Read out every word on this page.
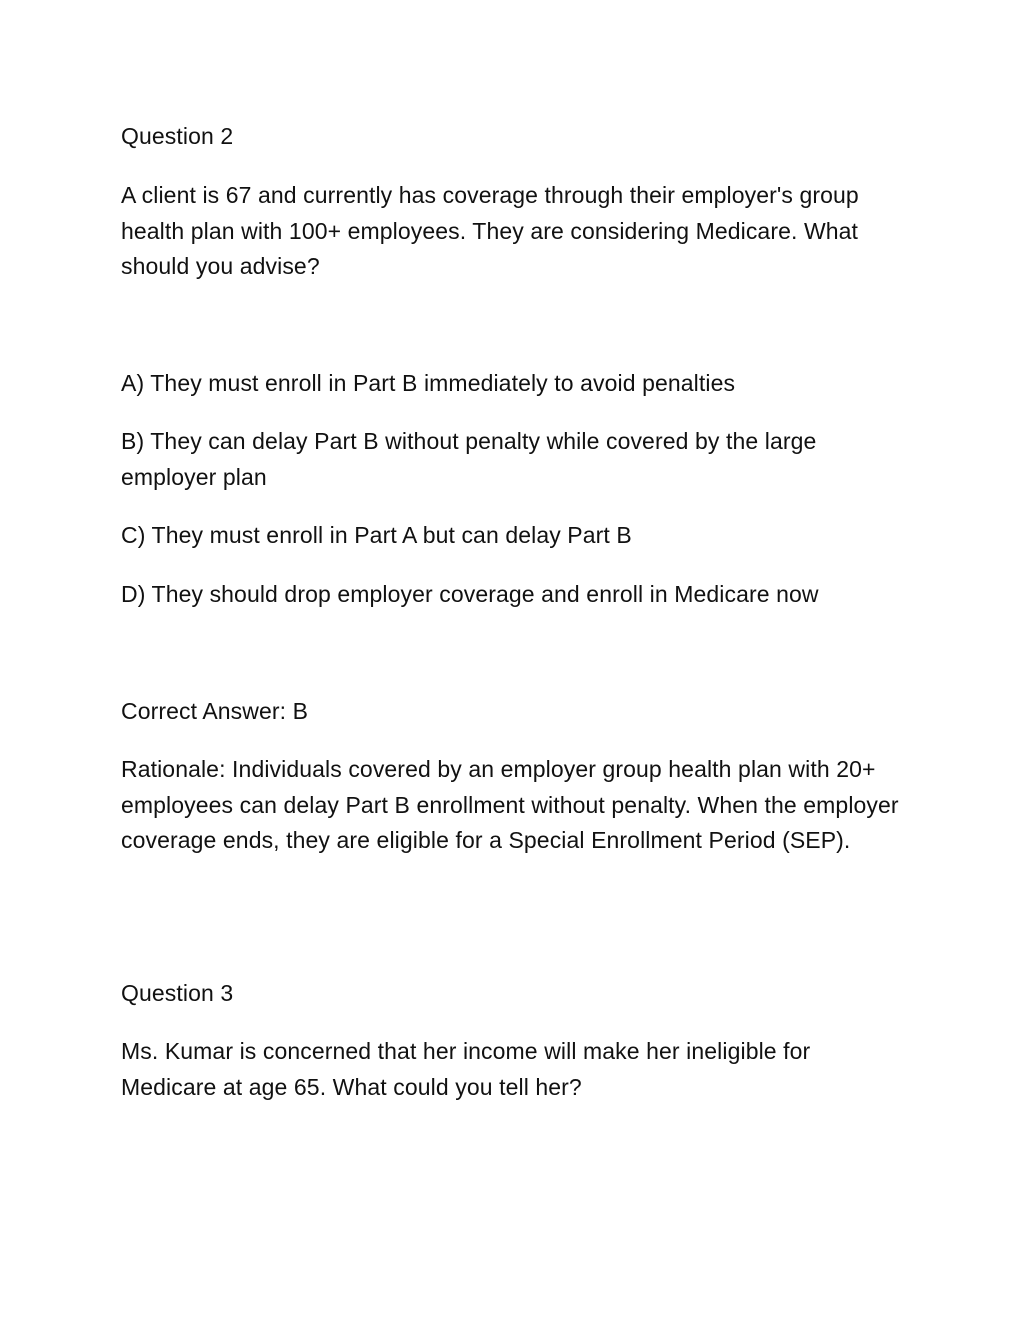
Question 2

A client is 67 and currently has coverage through their employer's group health plan with 100+ employees. They are considering Medicare. What should you advise?

A) They must enroll in Part B immediately to avoid penalties

B) They can delay Part B without penalty while covered by the large employer plan

C) They must enroll in Part A but can delay Part B

D) They should drop employer coverage and enroll in Medicare now

Correct Answer: B

Rationale: Individuals covered by an employer group health plan with 20+ employees can delay Part B enrollment without penalty. When the employer coverage ends, they are eligible for a Special Enrollment Period (SEP).

Question 3

Ms. Kumar is concerned that her income will make her ineligible for Medicare at age 65. What could you tell her?
